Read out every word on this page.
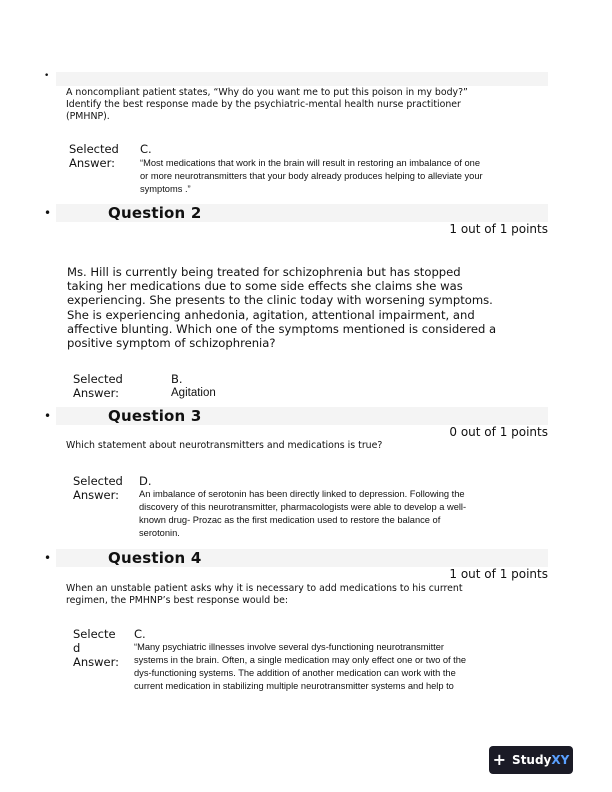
•
A noncompliant patient states, “Why do you want me to put this poison in my body?”
Identify the best response made by the psychiatric-mental health nurse practitioner
(PMHNP).
Selected
Answer:
C.
“Most medications that work in the brain will result in restoring an imbalance of one
or more neurotransmitters that your body already produces helping to alleviate your
symptoms .”
•	Question 2
1 out of 1 points
Ms. Hill is currently being treated for schizophrenia but has stopped
taking her medications due to some side effects she claims she was
experiencing. She presents to the clinic today with worsening symptoms.
She is experiencing anhedonia, agitation, attentional impairment, and
affective blunting. Which one of the symptoms mentioned is considered a
positive symptom of schizophrenia?
Selected
Answer:
B.
Agitation
•	Question 3
0 out of 1 points
Which statement about neurotransmitters and medications is true?
Selected
Answer:
D.
An imbalance of serotonin has been directly linked to depression. Following the
discovery of this neurotransmitter, pharmacologists were able to develop a well-
known drug- Prozac as the first medication used to restore the balance of
serotonin.
•	Question 4
1 out of 1 points
When an unstable patient asks why it is necessary to add medications to his current
regimen, the PMHNP’s best response would be:
Selecte
d
Answer:
C.
“Many psychiatric illnesses involve several dys-functioning neurotransmitter
systems in the brain. Often, a single medication may only effect one or two of the
dys-functioning systems. The addition of another medication can work with the
current medication in stabilizing multiple neurotransmitter systems and help to
+ StudyXY
